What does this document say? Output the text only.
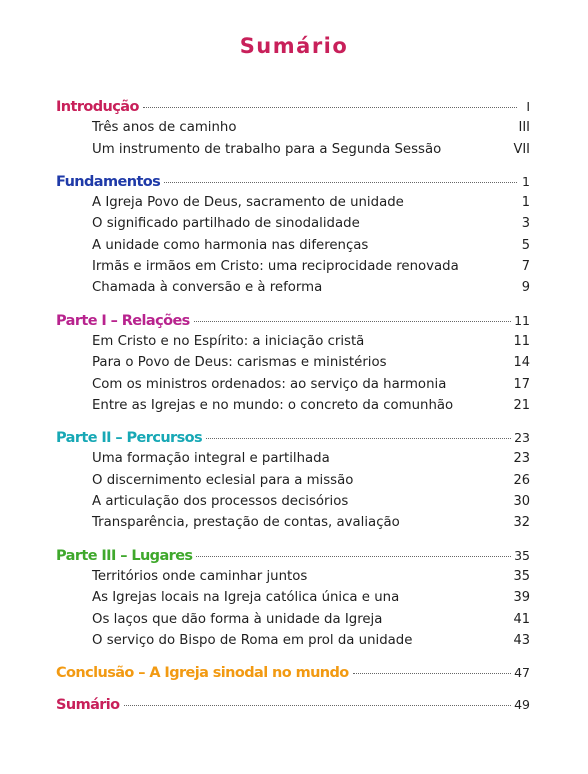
Sumário
Introdução	I
Três anos de caminho	III
Um instrumento de trabalho para a Segunda Sessão	VII
Fundamentos	1
A Igreja Povo de Deus, sacramento de unidade	1
O significado partilhado de sinodalidade	3
A unidade como harmonia nas diferenças	5
Irmãs e irmãos em Cristo: uma reciprocidade renovada	7
Chamada à conversão e à reforma	9
Parte I – Relações	11
Em Cristo e no Espírito: a iniciação cristã	11
Para o Povo de Deus: carismas e ministérios	14
Com os ministros ordenados: ao serviço da harmonia	17
Entre as Igrejas e no mundo: o concreto da comunhão	21
Parte II – Percursos	23
Uma formação integral e partilhada	23
O discernimento eclesial para a missão	26
A articulação dos processos decisórios	30
Transparência, prestação de contas, avaliação	32
Parte III – Lugares	35
Territórios onde caminhar juntos	35
As Igrejas locais na Igreja católica única e una	39
Os laços que dão forma à unidade da Igreja	41
O serviço do Bispo de Roma em prol da unidade	43
Conclusão – A Igreja sinodal no mundo	47
Sumário	49
